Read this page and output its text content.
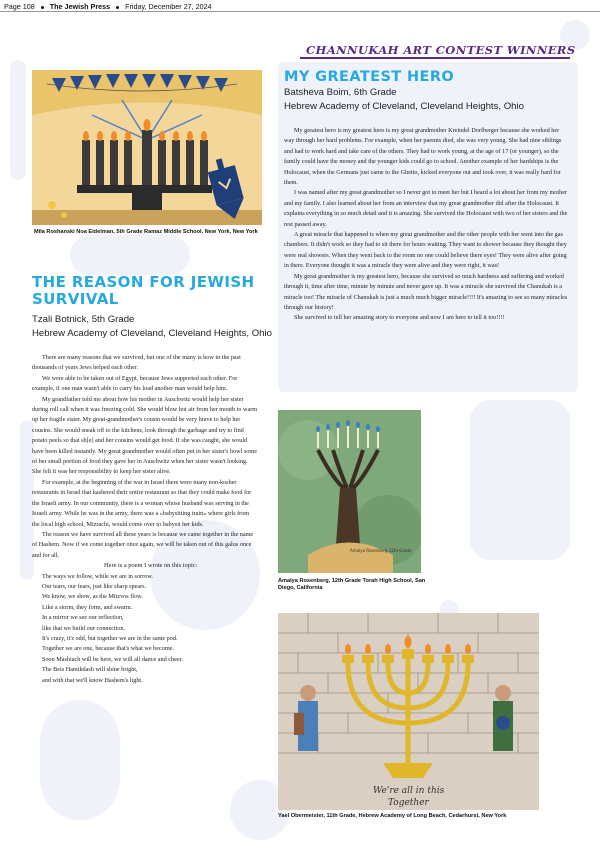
Page 108 The Jewish Press Friday, December 27, 2024
CHANNUKAH ART CONTEST WINNERS
Mila Roshanski Noa Eidelman, 5th Grade Ramaz Middle School, New York, New York
THE REASON FOR JEWISH SURVIVAL
Tzali Botnick, 5th Grade
Hebrew Academy of Cleveland, Cleveland Heights, Ohio

There are many reasons that we survived, but one of the many is how in the past thousands of years Jews helped each other.

We were able to be taken out of Egypt, because Jews supported each other. For example, if one man wasn't able to carry his load another man would help him.

My grandfather told me about how his mother in Auschwitz would help her sister during roll call when it was freezing cold. She would blow hot air from her mouth to warm up her fragile sister. My great-grandmother's cousin would be very brave to help her cousins. She would sneak off to the kitchens, look through the garbage and try to find potato peels so that sh[e] and her cousins would get food. If she was caught, she would have been killed instantly. My great grandmother would often put in her sister's bowl some of her small portion of food they gave her in Auschwitz when her sister wasn't looking. She felt it was her responsibility to keep her sister alive.

For example, at the beginning of the war in Israel there were many non-kosher restaurants in Israel that kashered their entire restaurant so that they could make food for the Israeli army. In our community, there is a woman whose husband was serving in the Israeli army. While he was in the army, there was a «babysitting train» where girls from the local high school, Mizrachi, would come over to babysit her kids.

The reason we have survived all these years is because we came together in the name of Hashem. Now if we come together once again, we will be taken out of this galus once and for all.

Here is a poem I wrote on this topic:
The ways we follow, while we are in sorrow.
Our tears, our fears, just like sharp spears.
We know, we show, as the Mitzvos flow.
Like a storm, they form, and swarm.
In a mirror we see our reflection,
like that we build our connection.
It's crazy, it's odd, but together we are in the same pod.
Together we are one, because that's what we become.
Soon Mashiach will be here, we will all dance and cheer.
The Beis Hamikdash will shine bright,
and with that we'll know Hashem's light.
MY GREATEST HERO
Batsheva Boim, 6th Grade
Hebrew Academy of Cleveland, Cleveland Heights, Ohio

My greatest hero is my greatest hero is my great grandmother Kreindel Dorfberger because she worked her way through her hard problems. For example, when her parents died, she was very young. She had nine siblings and had to work hard and take care of the others. They had to work young, at the age of 17 (or younger), so the family could have the money and the younger kids could go to school. Another example of her hardships is the Holocaust, when the Germans just came to the Ghetto, kicked everyone out and took over, it was really hard for them.

I was named after my great grandmother so I never got to meet her but I heard a lot about her from my mother and my family. I also learned about her from an interview that my great grandmother did after the Holocaust. It explains everything in so much detail and it is amazing. She survived the Holocaust with two of her sisters and the rest passed away.

A great miracle that happened is when my great grandmother and the other people with her went into the gas chambers. It didn't work so they had to sit there for hours waiting. They want to shower because they thought they were real showers. When they went back to the room no one could believe there eyes! They were alive after going in there. Everyone thought it was a miracle they were alive and they were right, it was!

My great grandmother is my greatest hero, because she survived so much hardness and suffering and worked through it, time after time, minute by minute and never gave up. It was a miracle she survived the Chanukah is a miracle too! The miracle of Chanukah is just a much much bigger miracle!!!! It's amazing to see so many miracles through our history!

She survived to tell her amazing story to everyone and now I am here to tell it too!!!!

Amalya Rosenberg 12th Grade
Amalya Rosenberg, 12th Grade Torah High School, San Diego, California
We're all in this
Together
Yael Obermeister, 11th Grade, Hebrew Academy of Long Beach, Cedarhurst, New York
